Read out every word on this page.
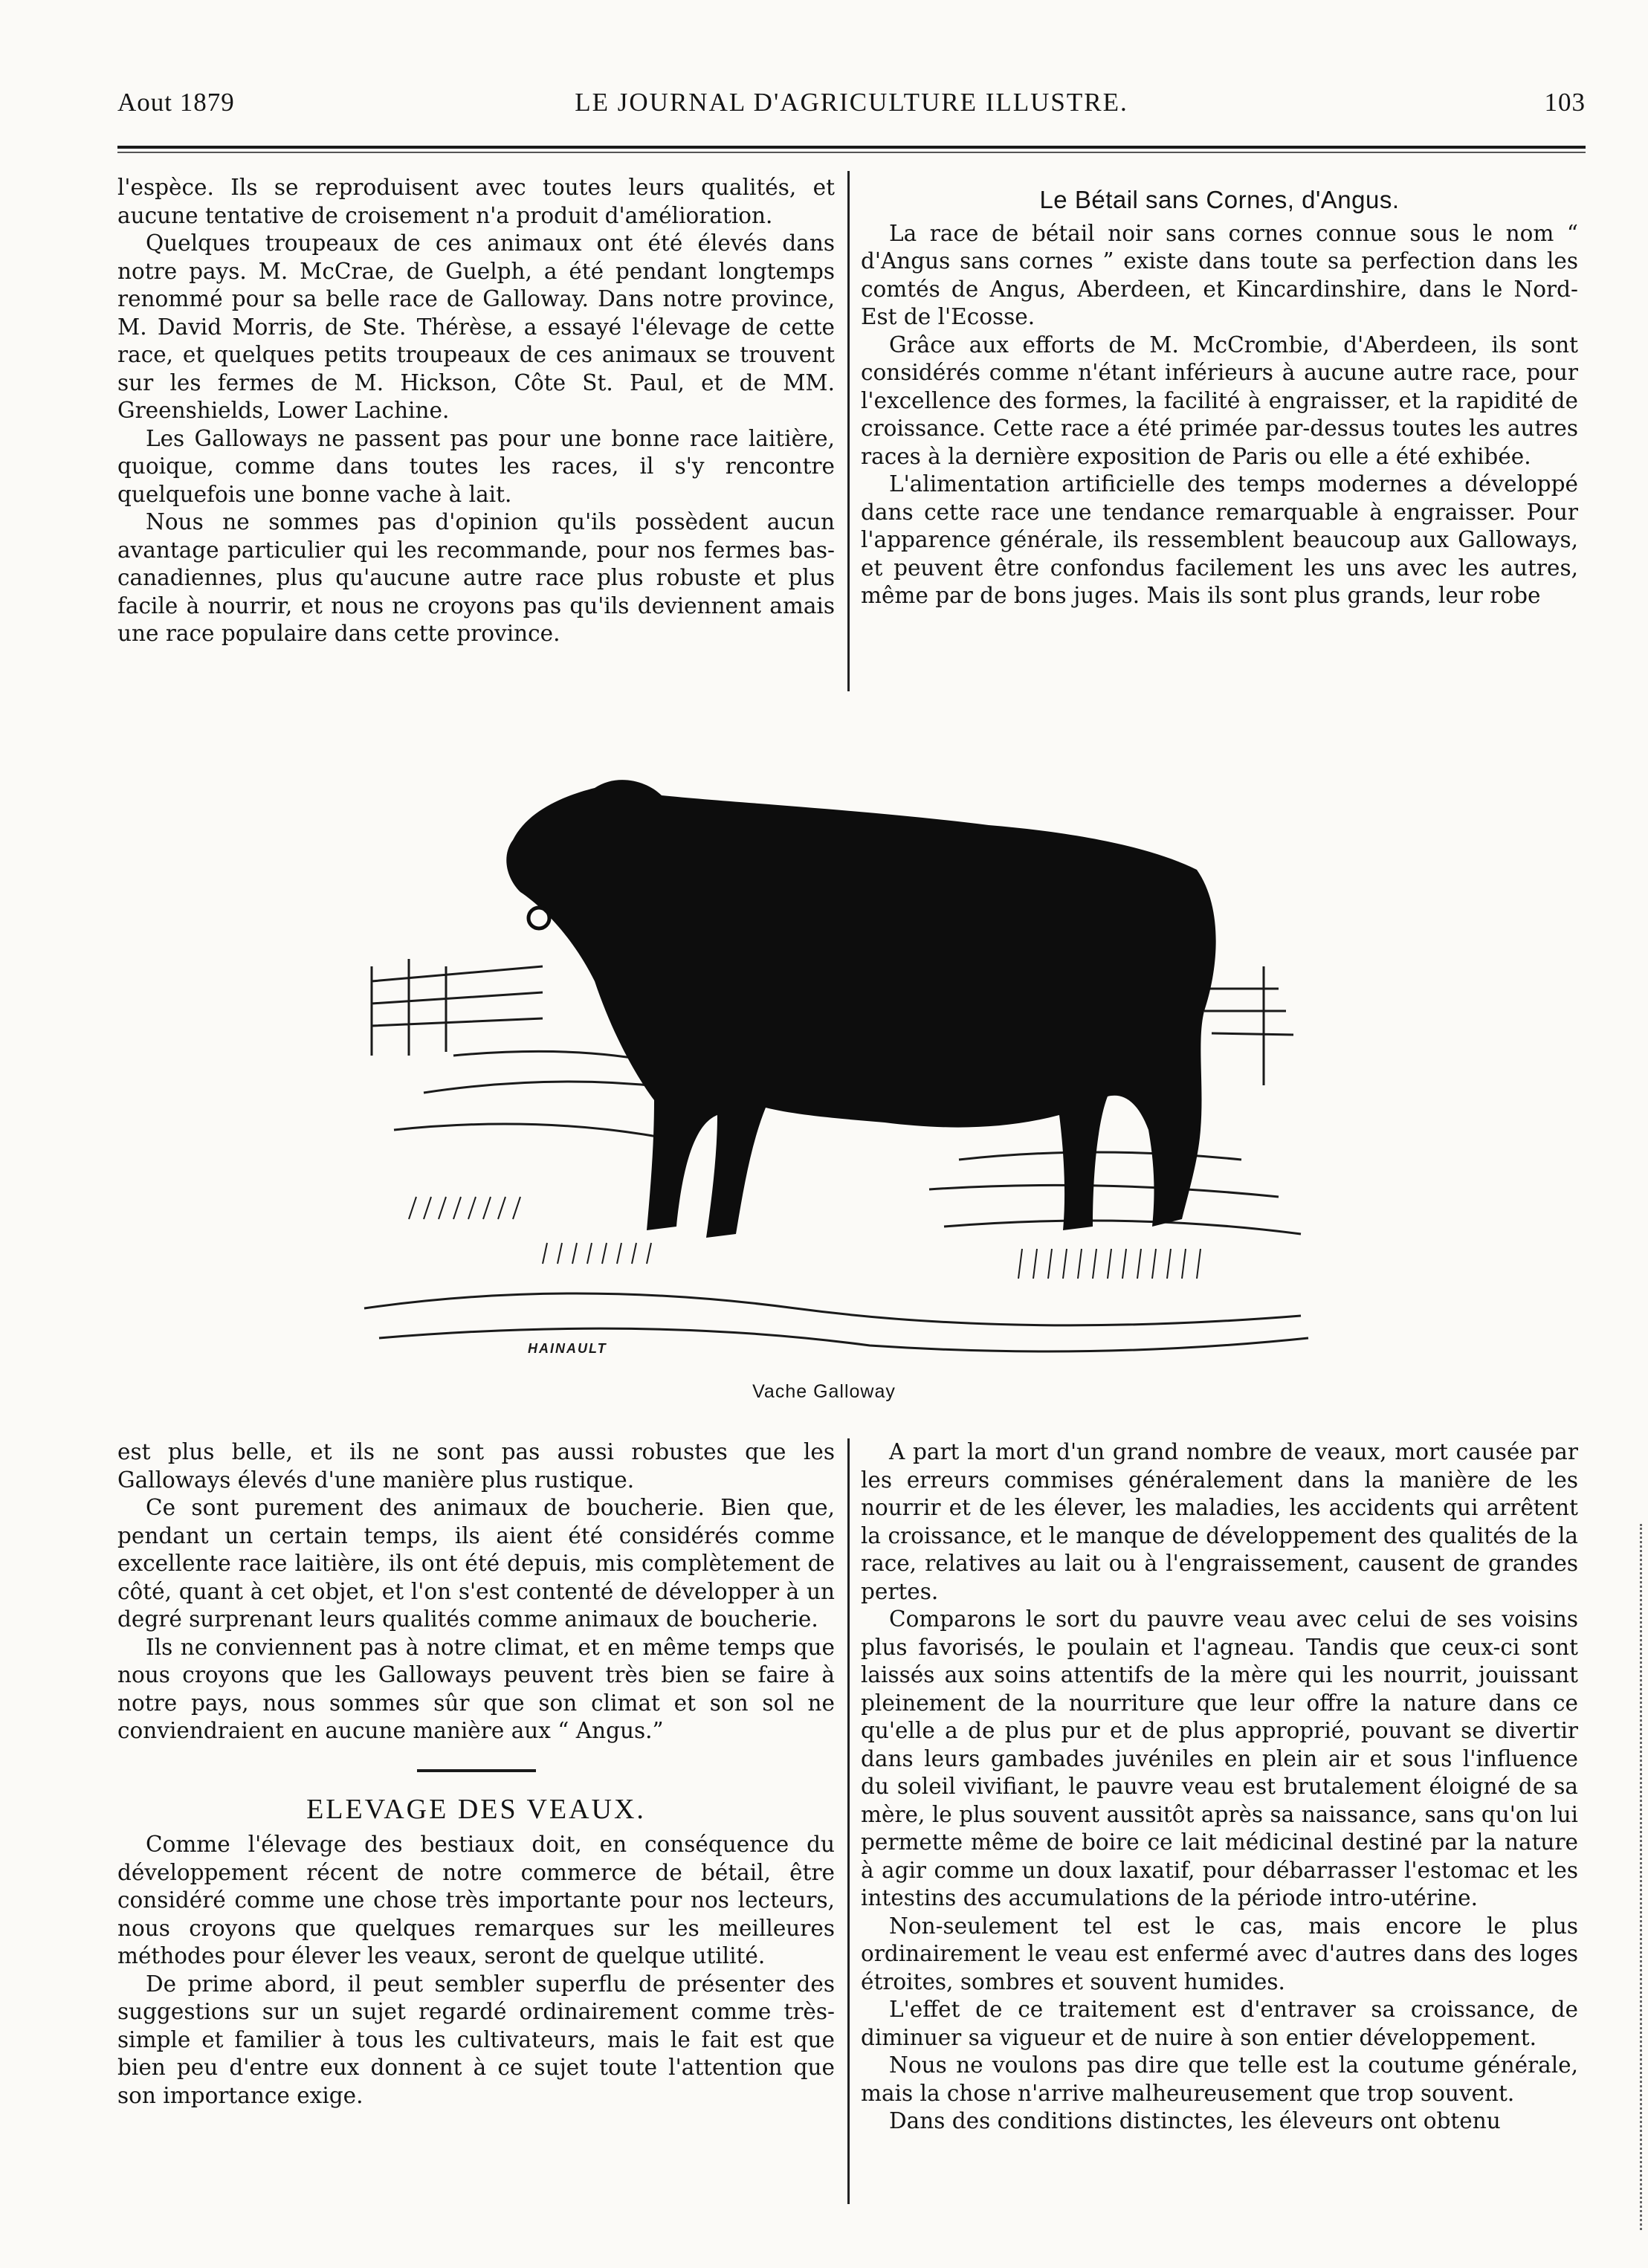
Aout 1879	LE JOURNAL D'AGRICULTURE ILLUSTRE.	103

l'espèce. Ils se reproduisent avec toutes leurs qualités, et aucune tentative de croisement n'a produit d'amélioration.

Quelques troupeaux de ces animaux ont été élevés dans notre pays. M. McCrae, de Guelph, a été pendant longtemps renommé pour sa belle race de Galloway. Dans notre province, M. David Morris, de Ste. Thérèse, a essayé l'élevage de cette race, et quelques petits troupeaux de ces animaux se trouvent sur les fermes de M. Hickson, Côte St. Paul, et de MM. Greenshields, Lower Lachine.

Les Galloways ne passent pas pour une bonne race laitière, quoique, comme dans toutes les races, il s'y rencontre quelquefois une bonne vache à lait.

Nous ne sommes pas d'opinion qu'ils possèdent aucun avantage particulier qui les recommande, pour nos fermes bas-canadiennes, plus qu'aucune autre race plus robuste et plus facile à nourrir, et nous ne croyons pas qu'ils deviennent amais une race populaire dans cette province.

Le Bétail sans Cornes, d'Angus.

La race de bétail noir sans cornes connue sous le nom “ d'Angus sans cornes ” existe dans toute sa perfection dans les comtés de Angus, Aberdeen, et Kincardinshire, dans le Nord-Est de l'Ecosse.

Grâce aux efforts de M. McCrombie, d'Aberdeen, ils sont considérés comme n'étant inférieurs à aucune autre race, pour l'excellence des formes, la facilité à engraisser, et la rapidité de croissance. Cette race a été primée par-dessus toutes les autres races à la dernière exposition de Paris ou elle a été exhibée.

L'alimentation artificielle des temps modernes a développé dans cette race une tendance remarquable à engraisser. Pour l'apparence générale, ils ressemblent beaucoup aux Galloways, et peuvent être confondus facilement les uns avec les autres, même par de bons juges. Mais ils sont plus grands, leur robe

HAINAULT
Vache Galloway

est plus belle, et ils ne sont pas aussi robustes que les Galloways élevés d'une manière plus rustique.

Ce sont purement des animaux de boucherie. Bien que, pendant un certain temps, ils aient été considérés comme excellente race laitière, ils ont été depuis, mis complètement de côté, quant à cet objet, et l'on s'est contenté de développer à un degré surprenant leurs qualités comme animaux de boucherie.

Ils ne conviennent pas à notre climat, et en même temps que nous croyons que les Galloways peuvent très bien se faire à notre pays, nous sommes sûr que son climat et son sol ne conviendraient en aucune manière aux “ Angus.”

ELEVAGE DES VEAUX.

Comme l'élevage des bestiaux doit, en conséquence du développement récent de notre commerce de bétail, être considéré comme une chose très importante pour nos lecteurs, nous croyons que quelques remarques sur les meilleures méthodes pour élever les veaux, seront de quelque utilité.

De prime abord, il peut sembler superflu de présenter des suggestions sur un sujet regardé ordinairement comme très-simple et familier à tous les cultivateurs, mais le fait est que bien peu d'entre eux donnent à ce sujet toute l'attention que son importance exige.

A part la mort d'un grand nombre de veaux, mort causée par les erreurs commises généralement dans la manière de les nourrir et de les élever, les maladies, les accidents qui arrêtent la croissance, et le manque de développement des qualités de la race, relatives au lait ou à l'engraissement, causent de grandes pertes.

Comparons le sort du pauvre veau avec celui de ses voisins plus favorisés, le poulain et l'agneau. Tandis que ceux-ci sont laissés aux soins attentifs de la mère qui les nourrit, jouissant pleinement de la nourriture que leur offre la nature dans ce qu'elle a de plus pur et de plus approprié, pouvant se divertir dans leurs gambades juvéniles en plein air et sous l'influence du soleil vivifiant, le pauvre veau est brutalement éloigné de sa mère, le plus souvent aussitôt après sa naissance, sans qu'on lui permette même de boire ce lait médicinal destiné par la nature à agir comme un doux laxatif, pour débarrasser l'estomac et les intestins des accumulations de la période intro-utérine.

Non-seulement tel est le cas, mais encore le plus ordinairement le veau est enfermé avec d'autres dans des loges étroites, sombres et souvent humides.

L'effet de ce traitement est d'entraver sa croissance, de diminuer sa vigueur et de nuire à son entier développement.

Nous ne voulons pas dire que telle est la coutume générale, mais la chose n'arrive malheureusement que trop souvent.

Dans des conditions distinctes, les éleveurs ont obtenu
